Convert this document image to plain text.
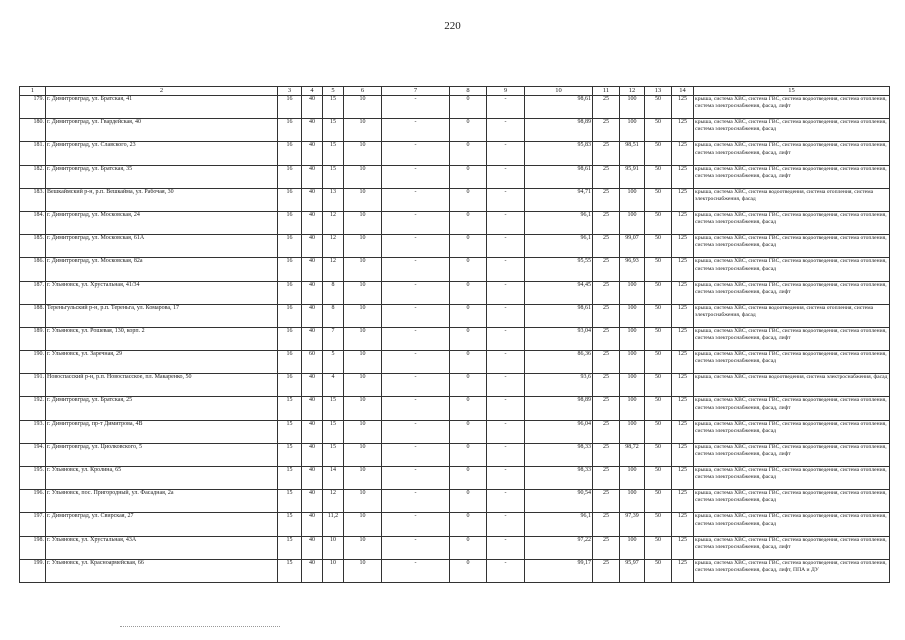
220
1	2	3	4	5	6	7	8	9	10	11	12	13	14	15
179.	г. Димитровград, ул. Братская, 41	16	40	15	10	-	0	-	98,61	25	100	50	125	крыша, система ХВС, система ГВС, система водоотведения, система отопления, система электроснабжения, фасад, лифт
180.	г. Димитровград, ул. Гвардейская, 40	16	40	15	10	-	0	-	98,89	25	100	50	125	крыша, система ХВС, система ГВС, система водоотведения, система отопления, система электроснабжения, фасад
181.	г. Димитровград, ул. Славского, 23	16	40	15	10	-	0	-	95,83	25	98,51	50	125	крыша, система ХВС, система ГВС, система водоотведения, система отопления, система электроснабжения, фасад, лифт
182.	г. Димитровград, ул. Братская, 35	16	40	15	10	-	0	-	98,61	25	95,91	50	125	крыша, система ХВС, система ГВС, система водоотведения, система отопления, система электроснабжения, фасад, лифт
183.	Вешкаймский р-н, р.п. Вешкайма, ул. Рабочая, 30	16	40	13	10	-	0	-	94,71	25	100	50	125	крыша, система ХВС, система водоотведения, система отопления, система электроснабжения, фасад
184.	г. Димитровград, ул. Московская, 24	16	40	12	10	-	0	-	96,1	25	100	50	125	крыша, система ХВС, система ГВС, система водоотведения, система отопления, система электроснабжения, фасад
185.	г. Димитровград, ул. Московская, 61А	16	40	12	10	-	0	-	96,1	25	99,07	50	125	крыша, система ХВС, система ГВС, система водоотведения, система отопления, система электроснабжения, фасад
186.	г. Димитровград, ул. Московская, 82а	16	40	12	10	-	0	-	95,55	25	96,93	50	125	крыша, система ХВС, система ГВС, система водоотведения, система отопления, система электроснабжения, фасад
187.	г. Ульяновск, ул. Хрустальная, 41/34	16	40	8	10	-	0	-	94,45	25	100	50	125	крыша, система ХВС, система ГВС, система водоотведения, система отопления, система электроснабжения, фасад, лифт
188.	Тереньгульский р-н, р.п. Тереньга, ул. Комарова, 17	16	40	8	10	-	0	-	98,61	25	100	50	125	крыша, система ХВС, система водоотведения, система отопления, система электроснабжения, фасад
189.	г. Ульяновск, ул. Рошевая, 130, корп. 2	16	40	7	10	-	0	-	93,04	25	100	50	125	крыша, система ХВС, система ГВС, система водоотведения, система отопления, система электроснабжения, фасад, лифт
190.	г. Ульяновск, ул. Заречная, 29	16	60	5	10	-	0	-	86,36	25	100	50	125	крыша, система ХВС, система ГВС, система водоотведения, система отопления, система электроснабжения, фасад
191.	Новоспасский р-н, р.п. Новоспасское, пл. Макаренко, 50	16	40	4	10	-	0	-	93,6	25	100	50	125	крыша, система ХВС, система водоотведения, система электроснабжения, фасад
192.	г. Димитровград, ул. Братская, 25	15	40	15	10	-	0	-	98,89	25	100	50	125	крыша, система ХВС, система ГВС, система водоотведения, система отопления, система электроснабжения, фасад, лифт
193.	г. Димитровград, пр-т Димитрова, 4В	15	40	15	10	-	0	-	96,04	25	100	50	125	крыша, система ХВС, система ГВС, система водоотведения, система отопления, система электроснабжения, фасад
194.	г. Димитровград, ул. Циолковского, 5	15	40	15	10	-	0	-	98,33	25	98,72	50	125	крыша, система ХВС, система ГВС, система водоотведения, система отопления, система электроснабжения, фасад, лифт
195.	г. Ульяновск, ул. Кролина, 65	15	40	14	10	-	0	-	98,33	25	100	50	125	крыша, система ХВС, система ГВС, система водоотведения, система отопления, система электроснабжения, фасад
196.	г. Ульяновск, пос. Пригородный, ул. Фасадная, 2а	15	40	12	10	-	0	-	90,54	25	100	50	125	крыша, система ХВС, система ГВС, система водоотведения, система отопления, система электроснабжения, фасад
197.	г. Димитровград, ул. Свирская, 27	15	40	11,2	10	-	0	-	96,1	25	97,39	50	125	крыша, система ХВС, система ГВС, система водоотведения, система отопления, система электроснабжения, фасад
198.	г. Ульяновск, ул. Хрустальная, 43А	15	40	10	10	-	0	-	97,22	25	100	50	125	крыша, система ХВС, система ГВС, система водоотведения, система отопления, система электроснабжения, фасад, лифт
199.	г. Ульяновск, ул. Красноармейская, 66	15	40	10	10	-	0	-	99,17	25	95,97	50	125	крыша, система ХВС, система ГВС, система водоотведения, система отопления, система электроснабжения, фасад, лифт, ППА и ДУ
